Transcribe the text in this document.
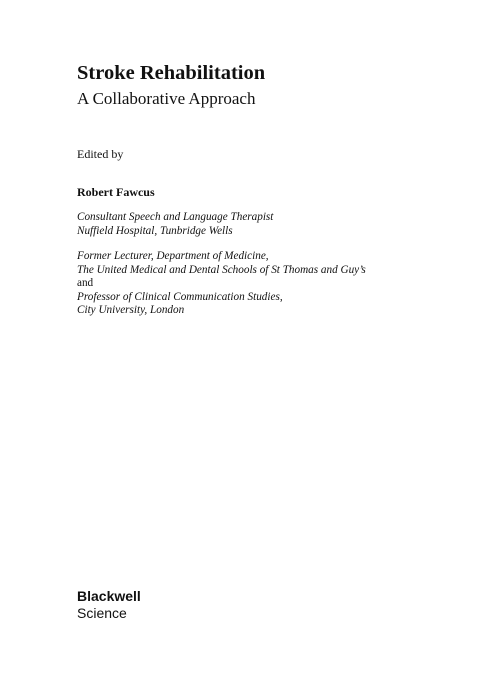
Stroke Rehabilitation
A Collaborative Approach
Edited by
Robert Fawcus
Consultant Speech and Language Therapist
Nuffield Hospital, Tunbridge Wells
Former Lecturer, Department of Medicine,
The United Medical and Dental Schools of St Thomas and Guy’s
and
Professor of Clinical Communication Studies,
City University, London
Blackwell
Science
